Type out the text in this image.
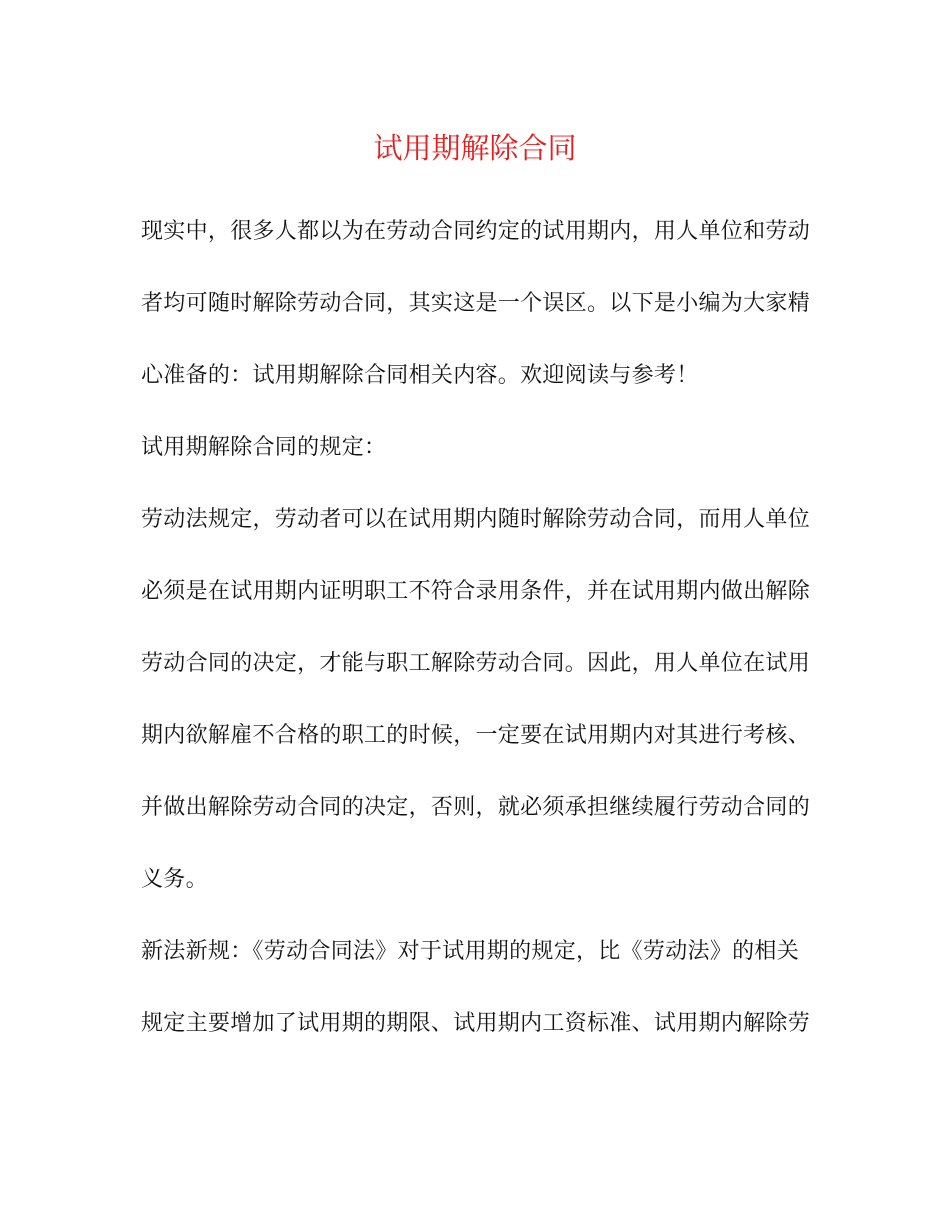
试用期解除合同
现实中，很多人都以为在劳动合同约定的试用期内，用人单位和劳动
者均可随时解除劳动合同，其实这是一个误区。以下是小编为大家精
心准备的：试用期解除合同相关内容。欢迎阅读与参考！
试用期解除合同的规定：
劳动法规定，劳动者可以在试用期内随时解除劳动合同，而用人单位
必须是在试用期内证明职工不符合录用条件，并在试用期内做出解除
劳动合同的决定，才能与职工解除劳动合同。因此，用人单位在试用
期内欲解雇不合格的职工的时候，一定要在试用期内对其进行考核、
并做出解除劳动合同的决定，否则，就必须承担继续履行劳动合同的
义务。
新法新规：《劳动合同法》对于试用期的规定，比《劳动法》的相关
规定主要增加了试用期的期限、试用期内工资标准、试用期内解除劳
